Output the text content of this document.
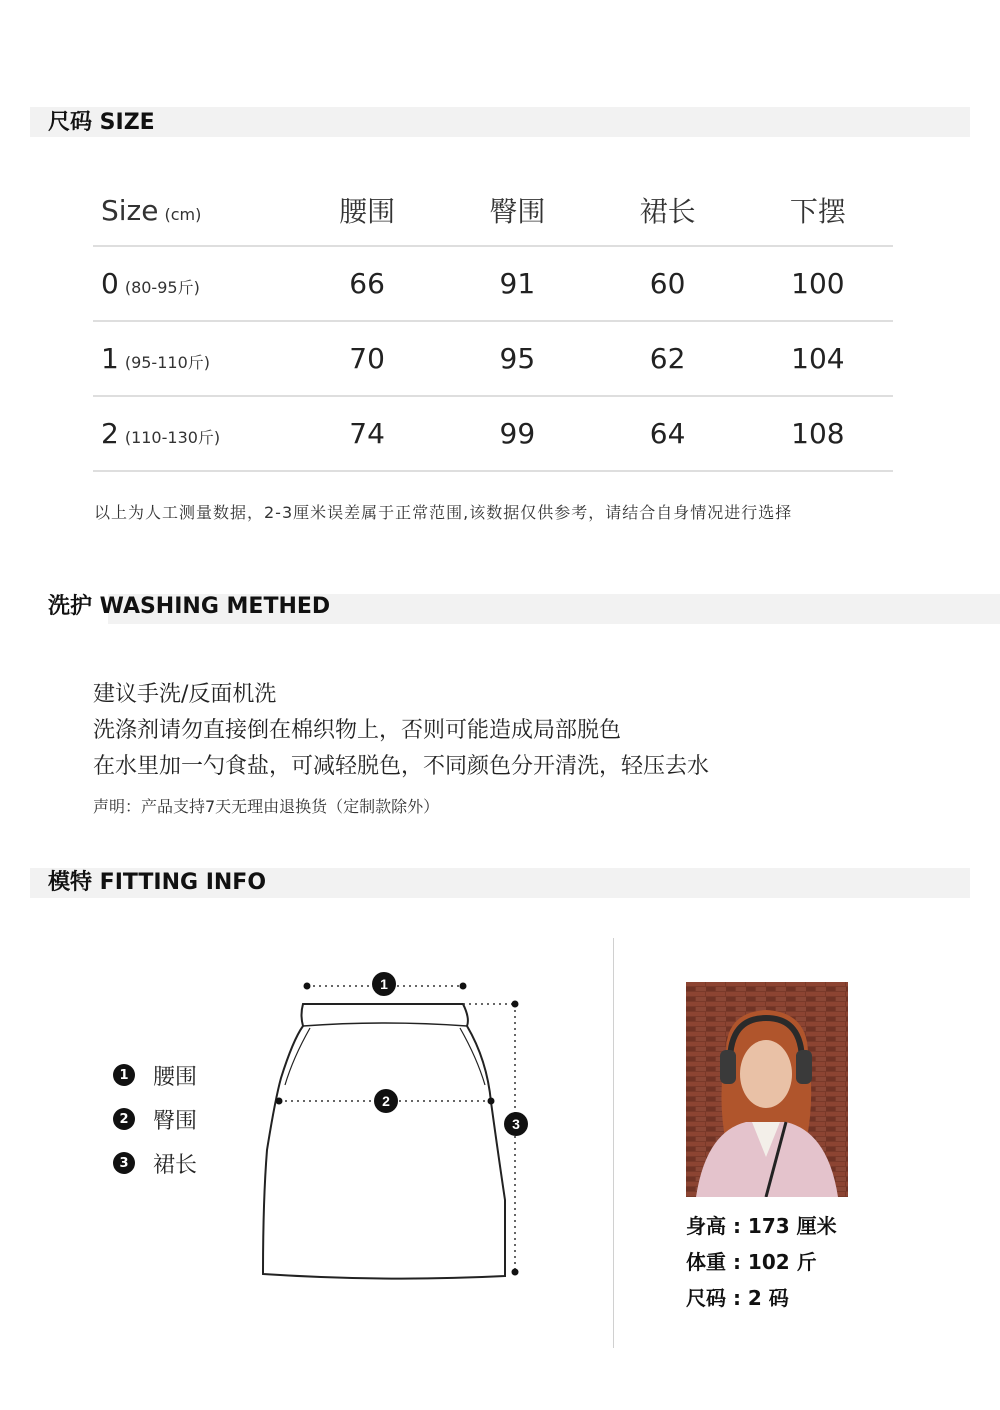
尺码 SIZE
Size (cm)	腰围	臀围	裙长	下摆
0 (80-95斤)	66	91	60	100
1 (95-110斤)	70	95	62	104
2 (110-130斤)	74	99	64	108
以上为人工测量数据，2-3厘米误差属于正常范围,该数据仅供参考，请结合自身情况进行选择
洗护 WASHING METHED
建议手洗/反面机洗
洗涤剂请勿直接倒在棉织物上，否则可能造成局部脱色
在水里加一勺食盐，可减轻脱色，不同颜色分开清洗，轻压去水
声明：产品支持7天无理由退换货（定制款除外）
模特 FITTING INFO
1 腰围
2 臀围
3 裙长
1
2
3
身高 : 173 厘米
体重 : 102 斤
尺码 : 2 码
